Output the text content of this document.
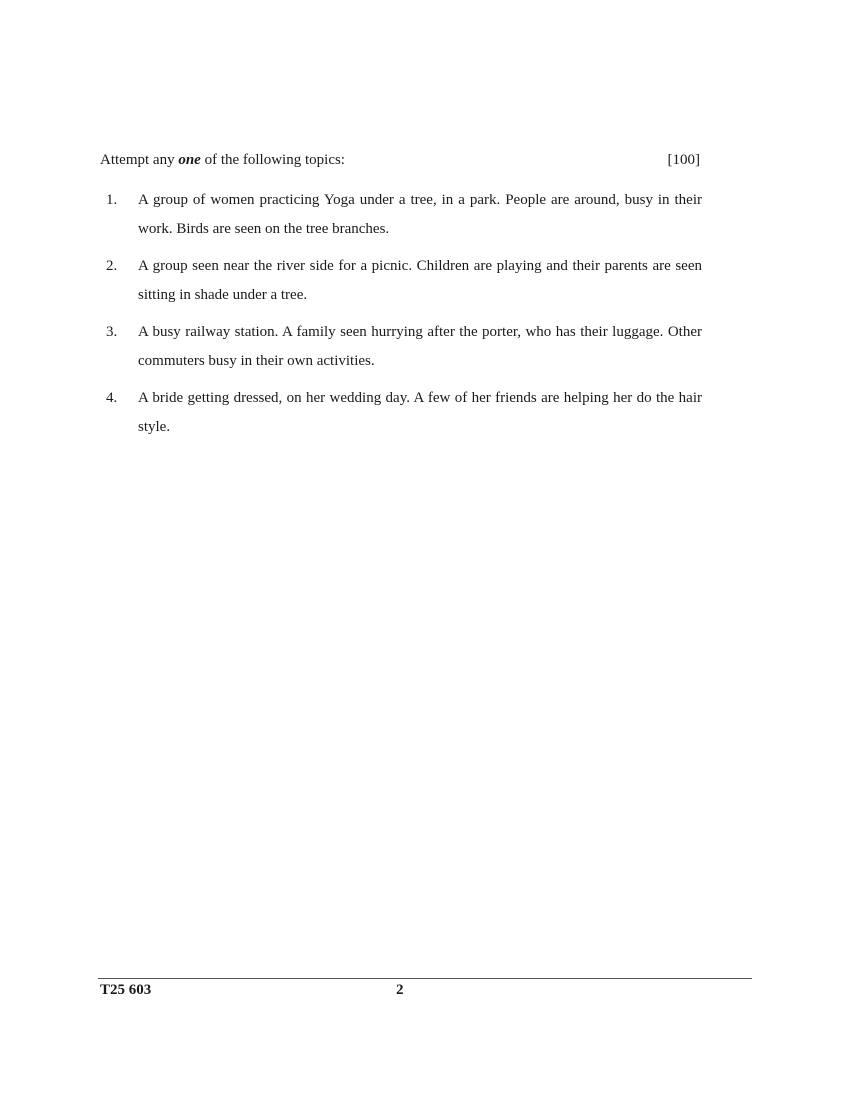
Attempt any one of the following topics:	[100]
1.	A group of women practicing Yoga under a tree, in a park. People are around, busy in their work. Birds are seen on the tree branches.
2.	A group seen near the river side for a picnic. Children are playing and their parents are seen sitting in shade under a tree.
3.	A busy railway station. A family seen hurrying after the porter, who has their luggage. Other commuters busy in their own activities.
4.	A bride getting dressed, on her wedding day. A few of her friends are helping her do the hair style.
T25 603	2
